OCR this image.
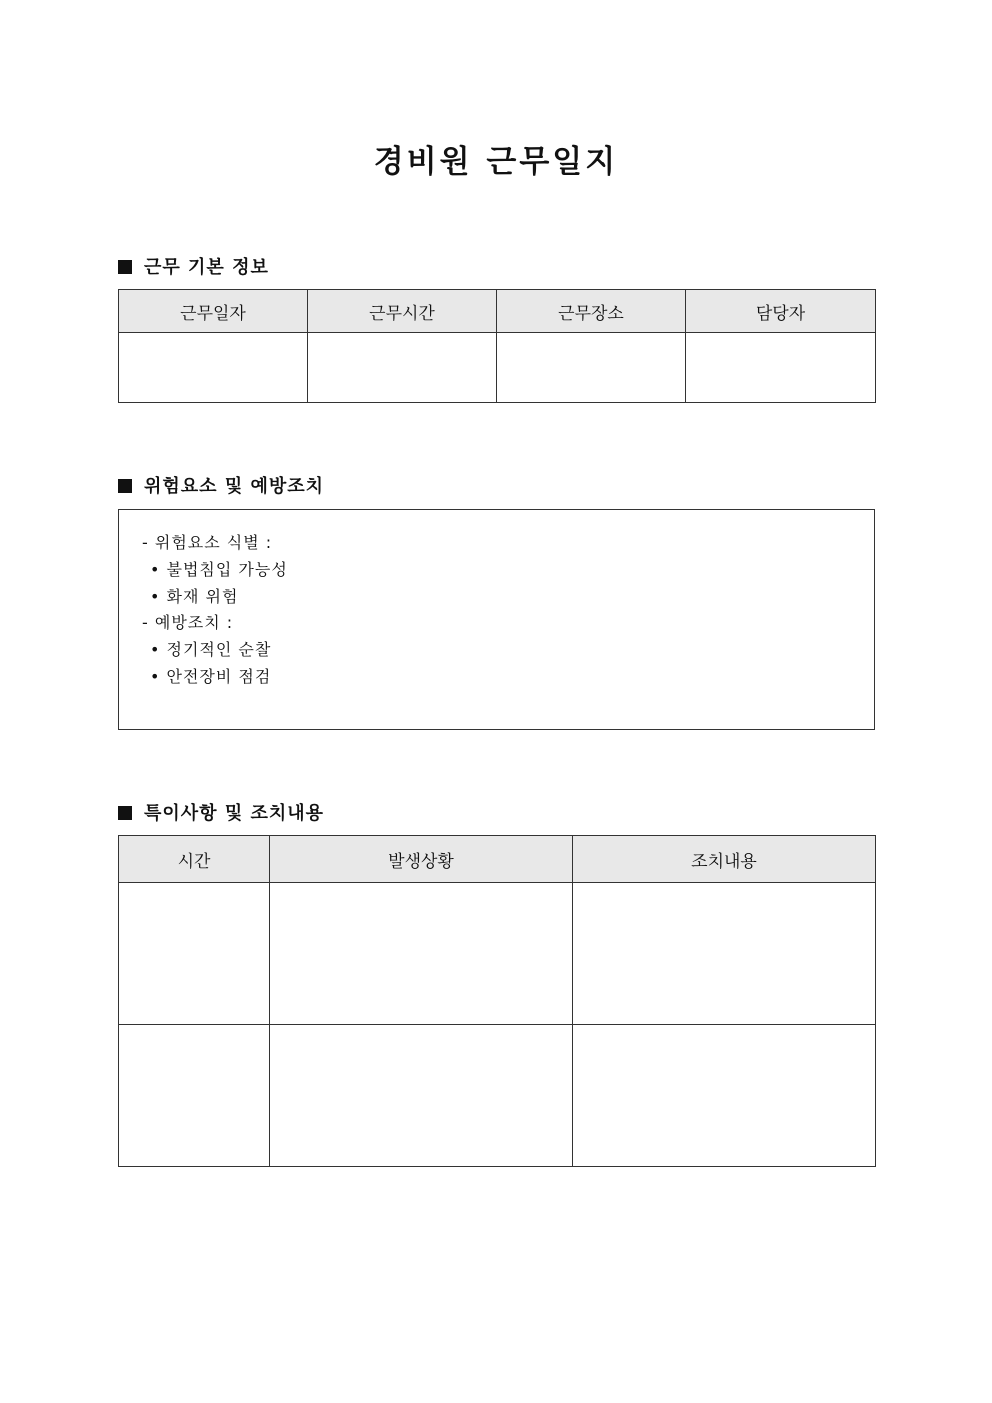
경비원 근무일지
근무 기본 정보
근무일자	근무시간	근무장소	담당자

위험요소 및 예방조치
- 위험요소 식별 :
• 불법침입 가능성
• 화재 위험
- 예방조치 :
• 정기적인 순찰
• 안전장비 점검
특이사항 및 조치내용
시간	발생상황	조치내용
